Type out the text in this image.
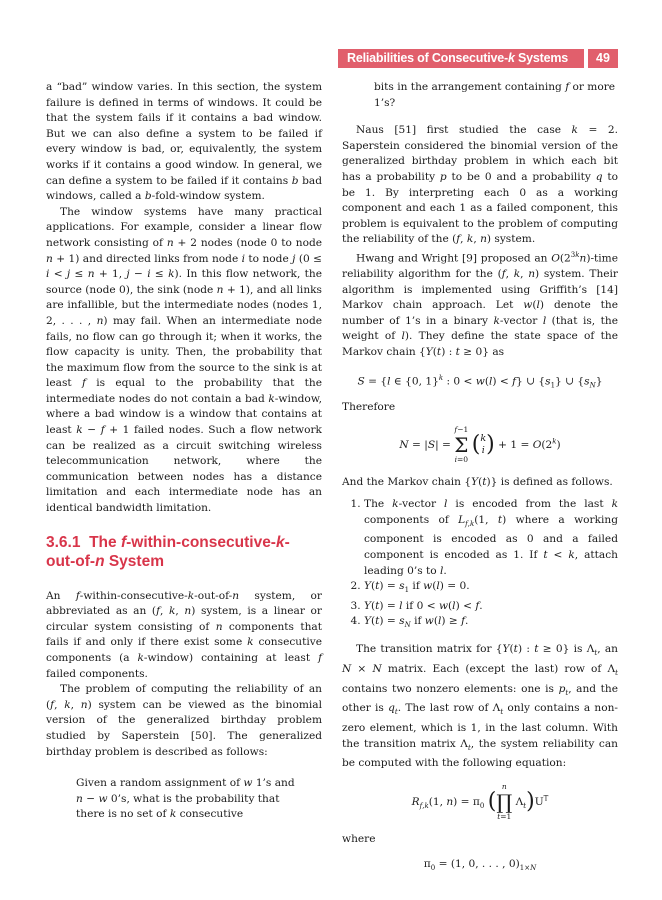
Reliabilities of Consecutive-k Systems	49

a “bad” window varies. In this section, the system failure is defined in terms of windows. It could be that the system fails if it contains a bad window. But we can also define a system to be failed if every window is bad, or, equivalently, the system works if it contains a good window. In general, we can define a system to be failed if it contains b bad windows, called a b-fold-window system.

The window systems have many practical applications. For example, consider a linear flow network consisting of n + 2 nodes (node 0 to node n + 1) and directed links from node i to node j (0 ≤ i < j ≤ n + 1, j − i ≤ k). In this flow network, the source (node 0), the sink (node n + 1), and all links are infallible, but the intermediate nodes (nodes 1, 2, . . . , n) may fail. When an intermediate node fails, no flow can go through it; when it works, the flow capacity is unity. Then, the probability that the maximum flow from the source to the sink is at least f is equal to the probability that the intermediate nodes do not contain a bad k-window, where a bad window is a window that contains at least k − f + 1 failed nodes. Such a flow network can be realized as a circuit switching wireless telecommunication network, where the communication between nodes has a distance limitation and each intermediate node has an identical bandwidth limitation.

3.6.1  The f-within-consecutive-k-
out-of-n System

An f-within-consecutive-k-out-of-n system, or abbreviated as an (f, k, n) system, is a linear or circular system consisting of n components that fails if and only if there exist some k consecutive components (a k-window) containing at least f failed components.

The problem of computing the reliability of an (f, k, n) system can be viewed as the binomial version of the generalized birthday problem studied by Saperstein [50]. The generalized birthday problem is described as follows:

Given a random assignment of w 1’s and n − w 0’s, what is the probability that there is no set of k consecutive

bits in the arrangement containing f or more 1’s?

Naus [51] first studied the case k = 2. Saperstein considered the binomial version of the generalized birthday problem in which each bit has a probability p to be 0 and a probability q to be 1. By interpreting each 0 as a working component and each 1 as a failed component, this problem is equivalent to the problem of computing the reliability of the (f, k, n) system.

Hwang and Wright [9] proposed an $O(2^{3k}n)$-time reliability algorithm for the (f, k, n) system. Their algorithm is implemented using Griffith’s [14] Markov chain approach. Let w(l) denote the number of 1’s in a binary k-vector l (that is, the weight of l). They define the state space of the Markov chain {Y(t) : t ≥ 0} as

S = {l ∈ {0, 1}$^k$ : 0 < w(l) < f} ∪ $\{s_1\}$ ∪ $\{s_N\}$

Therefore

N = |S| =
f−1
Σ
i=0
(k
$i) + 1 = O(2^k)$

And the Markov chain {Y(t)} is defined as follows.

1. The k-vector l is encoded from the last k components of $L_{f,k}(1$, t) where a working component is encoded as 0 and a failed component is encoded as 1. If t < k, attach leading 0’s to l.
2. $Y(t) = s_1$ if w(l) = 0.
3. Y(t) = l if 0 < w(l) < f.
4. $Y(t) = s_N$ if w(l) ≥ f.

The transition matrix for {Y(t) : t ≥ 0} is $\Lambda_t$, an N × N matrix. Each (except the last) row of $\Lambda_t$ contains two nonzero elements: one is $p_t$, and the other is $q_t$. The last row of $\Lambda_t$ only contains a non-zero element, which is 1, in the last column. With the transition matrix $\Lambda_t$, the system reliability can be computed with the following equation:

$R_{f,k}(1$, $n) = \pi_0$ (
n
∏
t=1
$\Lambda_t)U^T$

where

$\pi_0 = (1$, 0, . . . , $0)_{1\times N}$
